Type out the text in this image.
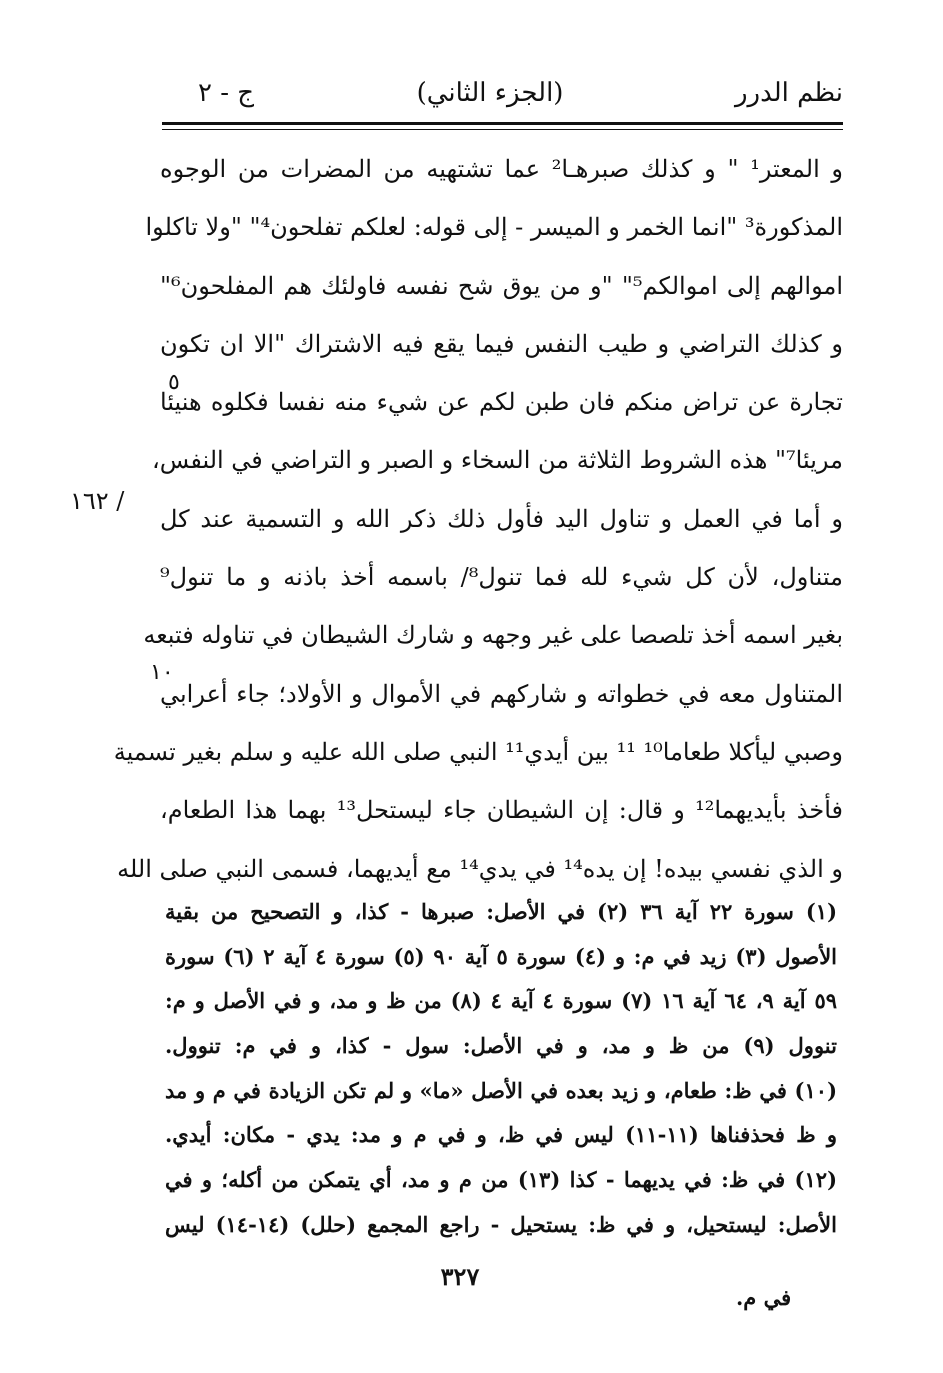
نظم الدرر
(الجزء الثاني)
ج - ٢
و المعتر¹ " و كذلك صبرهـا² عما تشتهيه من المضرات من الوجوه
المذكورة³ "انما الخمر و الميسر - إلى قوله: لعلكم تفلحون⁴" "ولا تاكلوا
اموالهم إلى اموالكم⁵" "و من يوق شح نفسه فاولئك هم المفلحون⁶"
و كذلك التراضي و طيب النفس فيما يقع فيه الاشتراك "الا ان تكون
تجارة عن تراض منكم فان طبن لكم عن شيء منه نفسا فكلوه هنيئا
مريئا⁷" هذه الشروط الثلاثة من السخاء و الصبر و التراضي في النفس،
و أما في العمل و تناول اليد فأول ذلك ذكر الله و التسمية عند كل
متناول، لأن كل شيء لله فما تنول⁸/ باسمه أخذ باذنه و ما تنول⁹
بغير اسمه أخذ تلصصا على غير وجهه و شارك الشيطان في تناوله فتبعه
المتناول معه في خطواته و شاركهم في الأموال و الأولاد؛ جاء أعرابي
وصبي ليأكلا طعاما¹⁰ ¹¹ بين أيدي¹¹ النبي صلى الله عليه و سلم بغير تسمية
فأخذ بأيديهما¹² و قال: إن الشيطان جاء ليستحل¹³ بهما هذا الطعام،
و الذي نفسي بيده! إن يده¹⁴ في يدي¹⁴ مع أيديهما، فسمى النبي صلى الله
٥
/ ١٦٢
١٠
(١) سورة ٢٢ آية ٣٦ (٢) في الأصل: صبرها - كذا، و التصحيح من بقية
الأصول (٣) زيد في م: و (٤) سورة ٥ آية ٩٠ (٥) سورة ٤ آية ٢ (٦) سورة
٥٩ آية ٩، ٦٤ آية ١٦ (٧) سورة ٤ آية ٤ (٨) من ظ و مد، و في الأصل و م:
تنوول (٩) من ظ و مد، و في الأصل: سول - كذا، و في م: تنوول.
(١٠) في ظ: طعام، و زيد بعده في الأصل «ما» و لم تكن الزيادة في م و مد
و ظ فحذفناها (١١-١١) ليس في ظ، و في م و مد: يدي - مكان: أيدي.
(١٢) في ظ: في يديهما - كذا (١٣) من م و مد، أي يتمكن من أكله؛ و في
الأصل: ليستحيل، و في ظ: يستحيل - راجع المجمع (حلل) (١٤-١٤) ليس
٣٢٧
في م.
